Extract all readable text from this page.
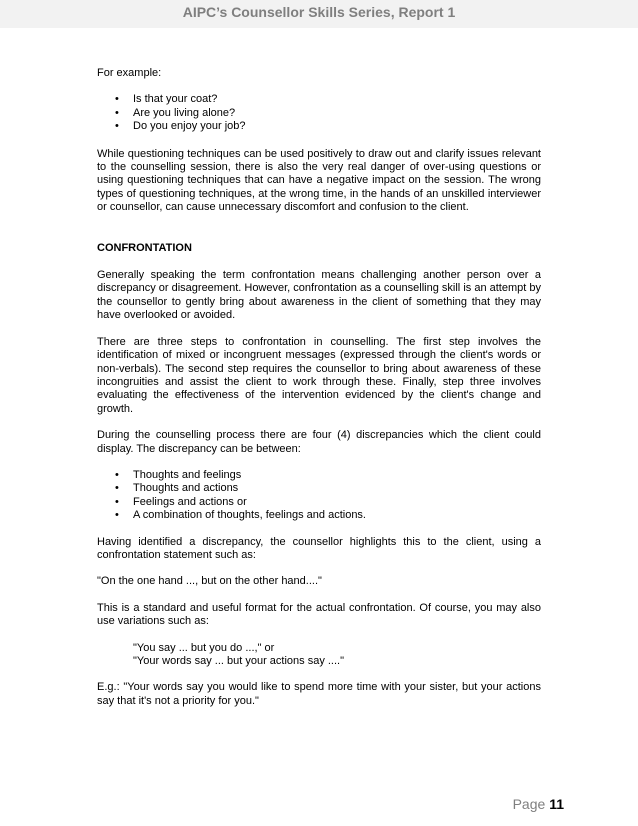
AIPC’s Counsellor Skills Series, Report 1

For example:

• Is that your coat?
• Are you living alone?
• Do you enjoy your job?

While questioning techniques can be used positively to draw out and clarify issues relevant to the counselling session, there is also the very real danger of over-using questions or using questioning techniques that can have a negative impact on the session. The wrong types of questioning techniques, at the wrong time, in the hands of an unskilled interviewer or counsellor, can cause unnecessary discomfort and confusion to the client.

CONFRONTATION

Generally speaking the term confrontation means challenging another person over a discrepancy or disagreement. However, confrontation as a counselling skill is an attempt by the counsellor to gently bring about awareness in the client of something that they may have overlooked or avoided.

There are three steps to confrontation in counselling. The first step involves the identification of mixed or incongruent messages (expressed through the client's words or non-verbals). The second step requires the counsellor to bring about awareness of these incongruities and assist the client to work through these. Finally, step three involves evaluating the effectiveness of the intervention evidenced by the client's change and growth.

During the counselling process there are four (4) discrepancies which the client could display. The discrepancy can be between:

• Thoughts and feelings
• Thoughts and actions
• Feelings and actions or
• A combination of thoughts, feelings and actions.

Having identified a discrepancy, the counsellor highlights this to the client, using a confrontation statement such as:

"On the one hand ..., but on the other hand...."

This is a standard and useful format for the actual confrontation. Of course, you may also use variations such as:

"You say ... but you do ...," or

"Your words say ... but your actions say ...."

E.g.: "Your words say you would like to spend more time with your sister, but your actions say that it's not a priority for you."

Page 11
